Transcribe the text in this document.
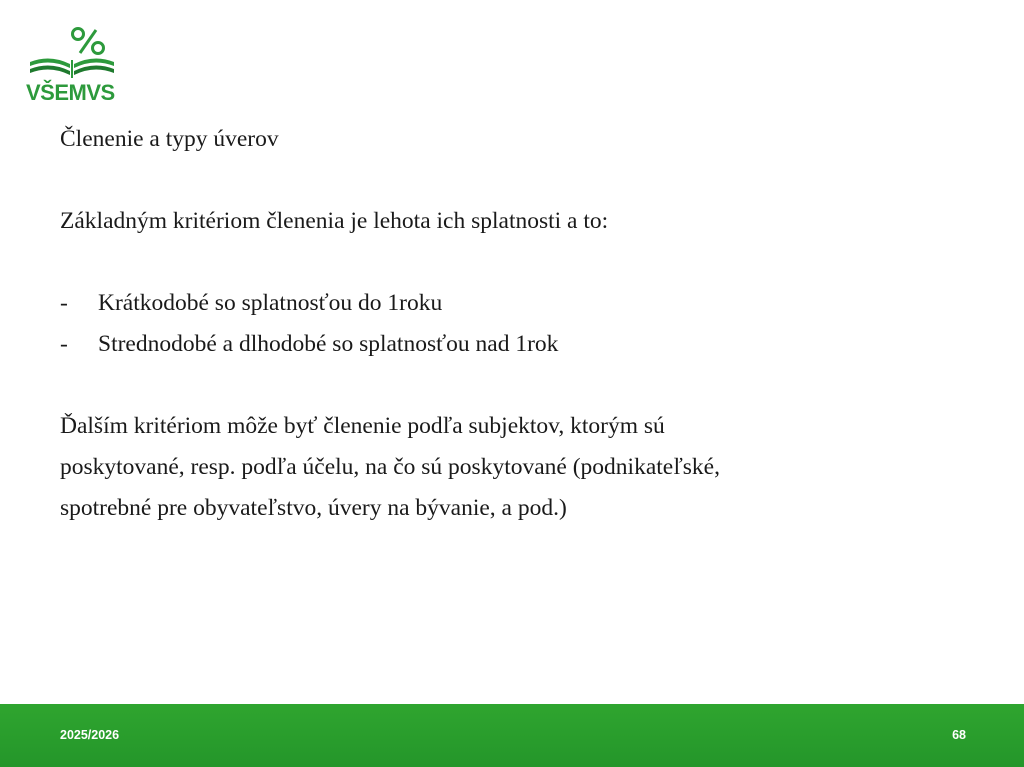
VŠEMVS
Členenie a typy úverov
Základným kritériom členenia je lehota ich splatnosti a to:
- Krátkodobé so splatnosťou do 1roku
- Strednodobé a dlhodobé so splatnosťou nad 1rok
Ďalším kritériom môže byť členenie podľa subjektov, ktorým sú
poskytované, resp. podľa účelu, na čo sú poskytované (podnikateľské,
spotrebné pre obyvateľstvo, úvery na bývanie, a pod.)
2025/2026	68
